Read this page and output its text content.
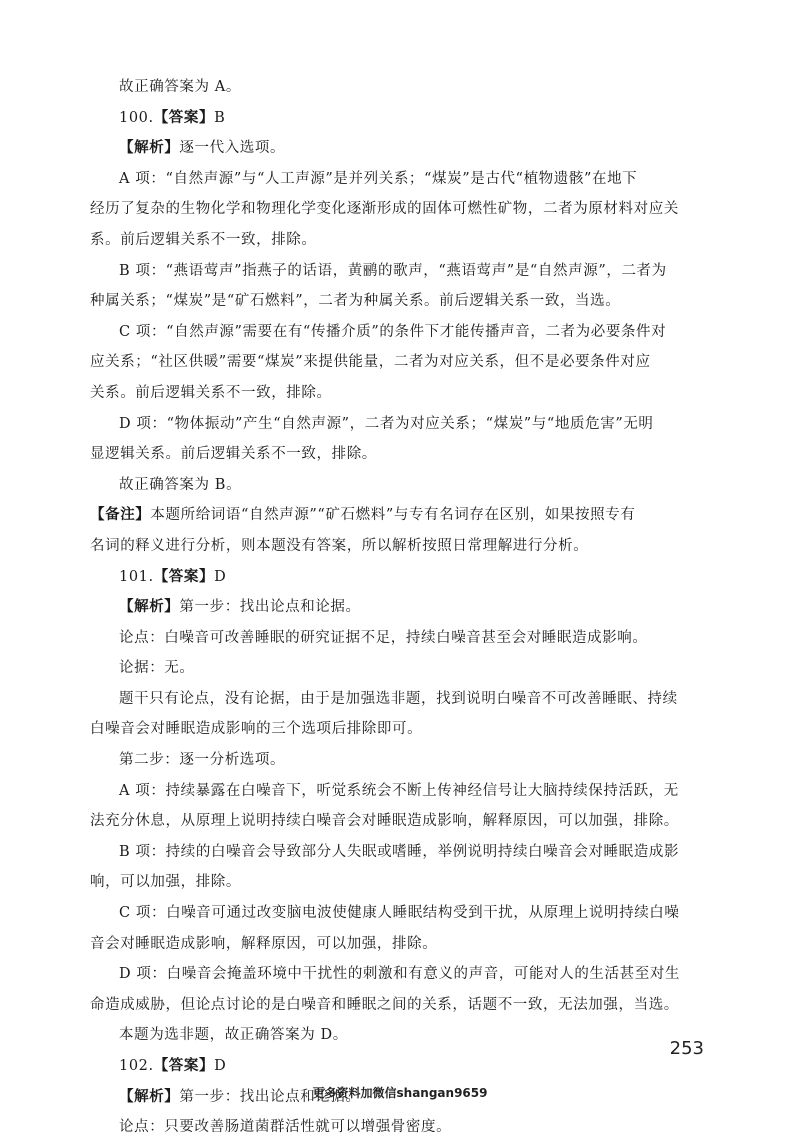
故正确答案为 A。
100.【答案】B
【解析】逐一代入选项。
A 项：“自然声源”与“人工声源”是并列关系；“煤炭”是古代“植物遗骸”在地下
经历了复杂的生物化学和物理化学变化逐渐形成的固体可燃性矿物，二者为原材料对应关
系。前后逻辑关系不一致，排除。
B 项：“燕语莺声”指燕子的话语，黄鹂的歌声，“燕语莺声”是“自然声源”，二者为
种属关系；“煤炭”是“矿石燃料”，二者为种属关系。前后逻辑关系一致，当选。
C 项：“自然声源”需要在有“传播介质”的条件下才能传播声音，二者为必要条件对
应关系；“社区供暖”需要“煤炭”来提供能量，二者为对应关系，但不是必要条件对应
关系。前后逻辑关系不一致，排除。
D 项：“物体振动”产生“自然声源”，二者为对应关系；“煤炭”与“地质危害”无明
显逻辑关系。前后逻辑关系不一致，排除。
故正确答案为 B。
【备注】本题所给词语“自然声源”“矿石燃料”与专有名词存在区别，如果按照专有
名词的释义进行分析，则本题没有答案，所以解析按照日常理解进行分析。
101.【答案】D
【解析】第一步：找出论点和论据。
论点：白噪音可改善睡眠的研究证据不足，持续白噪音甚至会对睡眠造成影响。
论据：无。
题干只有论点，没有论据，由于是加强选非题，找到说明白噪音不可改善睡眠、持续
白噪音会对睡眠造成影响的三个选项后排除即可。
第二步：逐一分析选项。
A 项：持续暴露在白噪音下，听觉系统会不断上传神经信号让大脑持续保持活跃，无
法充分休息，从原理上说明持续白噪音会对睡眠造成影响，解释原因，可以加强，排除。
B 项：持续的白噪音会导致部分人失眠或嗜睡，举例说明持续白噪音会对睡眠造成影
响，可以加强，排除。
C 项：白噪音可通过改变脑电波使健康人睡眠结构受到干扰，从原理上说明持续白噪
音会对睡眠造成影响，解释原因，可以加强，排除。
D 项：白噪音会掩盖环境中干扰性的刺激和有意义的声音，可能对人的生活甚至对生
命造成威胁，但论点讨论的是白噪音和睡眠之间的关系，话题不一致，无法加强，当选。
本题为选非题，故正确答案为 D。
102.【答案】D
【解析】第一步：找出论点和论据。
论点：只要改善肠道菌群活性就可以增强骨密度。
253
更多资料加微信shangan9659
